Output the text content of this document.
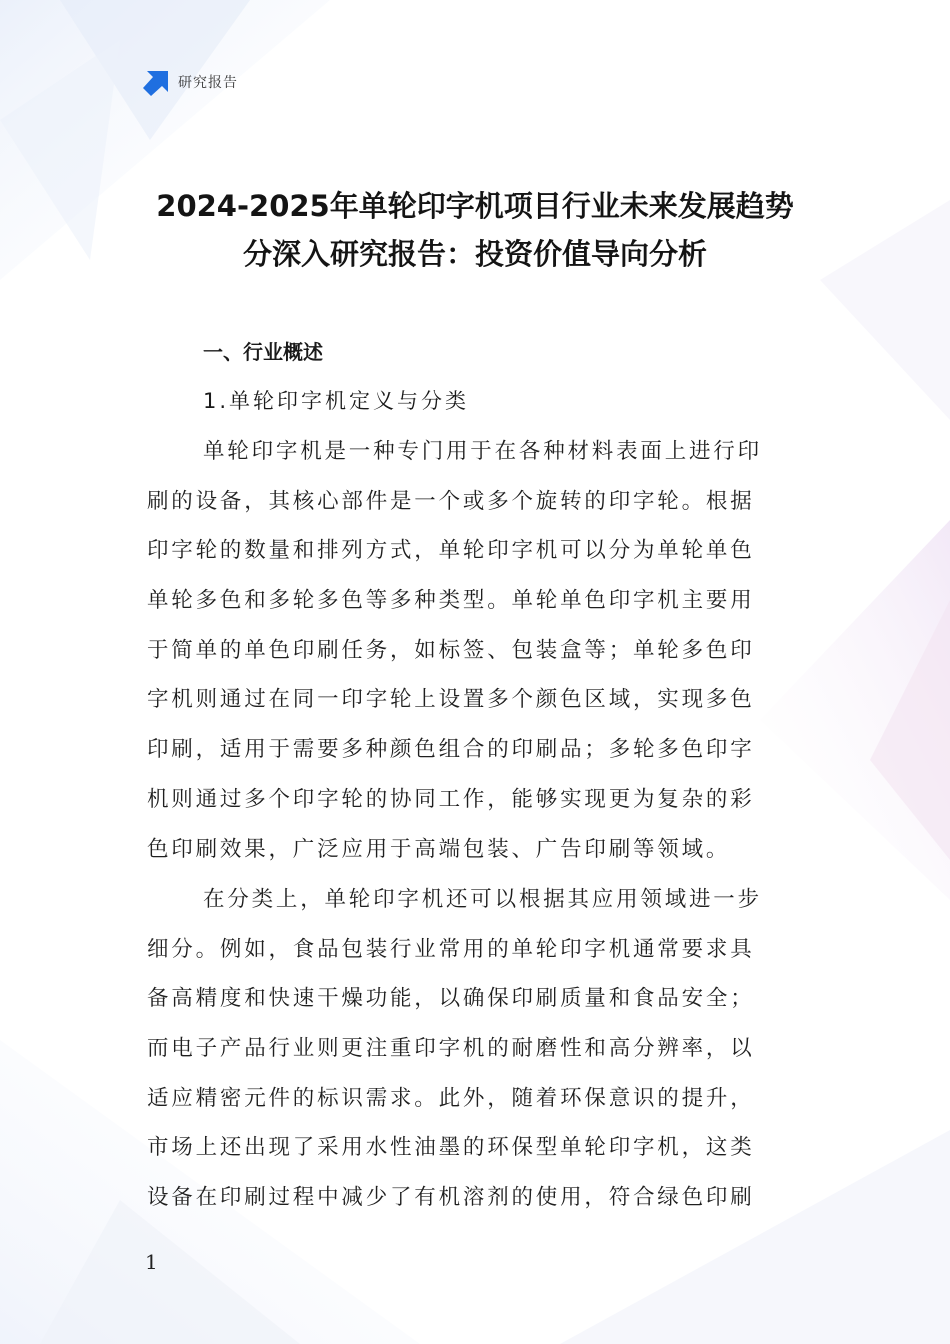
研究报告
2024-2025年单轮印字机项目行业未来发展趋势
分深入研究报告：投资价值导向分析
一、行业概述
1.单轮印字机定义与分类
单轮印字机是一种专门用于在各种材料表面上进行印
刷的设备，其核心部件是一个或多个旋转的印字轮。根据
印字轮的数量和排列方式，单轮印字机可以分为单轮单色
单轮多色和多轮多色等多种类型。单轮单色印字机主要用
于简单的单色印刷任务，如标签、包装盒等；单轮多色印
字机则通过在同一印字轮上设置多个颜色区域，实现多色
印刷，适用于需要多种颜色组合的印刷品；多轮多色印字
机则通过多个印字轮的协同工作，能够实现更为复杂的彩
色印刷效果，广泛应用于高端包装、广告印刷等领域。
在分类上，单轮印字机还可以根据其应用领域进一步
细分。例如，食品包装行业常用的单轮印字机通常要求具
备高精度和快速干燥功能，以确保印刷质量和食品安全；
而电子产品行业则更注重印字机的耐磨性和高分辨率，以
适应精密元件的标识需求。此外，随着环保意识的提升，
市场上还出现了采用水性油墨的环保型单轮印字机，这类
设备在印刷过程中减少了有机溶剂的使用，符合绿色印刷
1
